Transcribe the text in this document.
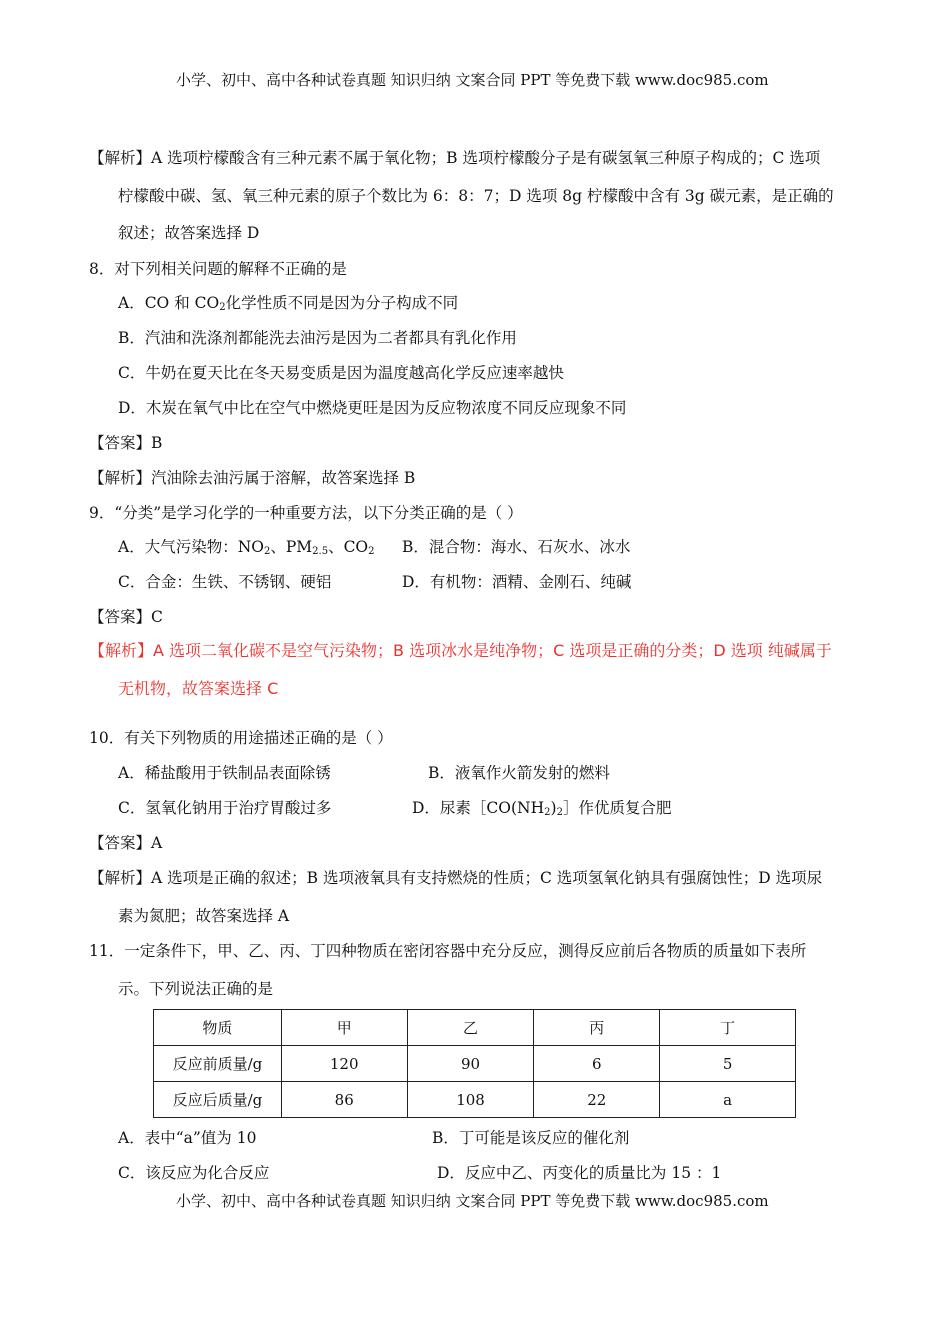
小学、初中、高中各种试卷真题 知识归纳 文案合同 PPT 等免费下载 www.doc985.com
【解析】A 选项柠檬酸含有三种元素不属于氧化物；B 选项柠檬酸分子是有碳氢氧三种原子构成的；C 选项
柠檬酸中碳、氢、氧三种元素的原子个数比为 6：8：7；D 选项 8g 柠檬酸中含有 3g 碳元素，是正确的
叙述；故答案选择 D
8．对下列相关问题的解释不正确的是
A．CO 和 $CO_2$化学性质不同是因为分子构成不同
B．汽油和洗涤剂都能洗去油污是因为二者都具有乳化作用
C．牛奶在夏天比在冬天易变质是因为温度越高化学反应速率越快
D．木炭在氧气中比在空气中燃烧更旺是因为反应物浓度不同反应现象不同
【答案】B
【解析】汽油除去油污属于溶解，故答案选择 B
9．“分类”是学习化学的一种重要方法，以下分类正确的是（ ）
A．大气污染物：$NO_2$、$PM_{2.5}$、$CO_2$ B．混合物：海水、石灰水、冰水
C．合金：生铁、不锈钢、硬铝	D．有机物：酒精、金刚石、纯碱
【答案】C
【解析】A 选项二氧化碳不是空气污染物；B 选项冰水是纯净物；C 选项是正确的分类；D 选项 纯碱属于
无机物，故答案选择 C
10．有关下列物质的用途描述正确的是（ ）
A．稀盐酸用于铁制品表面除锈	B．液氧作火箭发射的燃料
C．氢氧化钠用于治疗胃酸过多	D．尿素$[CO(NH_2)_2]$作优质复合肥
【答案】A
【解析】A 选项是正确的叙述；B 选项液氧具有支持燃烧的性质；C 选项氢氧化钠具有强腐蚀性；D 选项尿
素为氮肥；故答案选择 A
11．一定条件下，甲、乙、丙、丁四种物质在密闭容器中充分反应，测得反应前后各物质的质量如下表所
示。下列说法正确的是
物质	甲	乙	丙	丁
反应前质量/g	120	90	6	5
反应后质量/g	86	108	22	a
A．表中“a”值为 10	B．丁可能是该反应的催化剂
C．该反应为化合反应	D．反应中乙、丙变化的质量比为 15 ：1
小学、初中、高中各种试卷真题 知识归纳 文案合同 PPT 等免费下载 www.doc985.com
